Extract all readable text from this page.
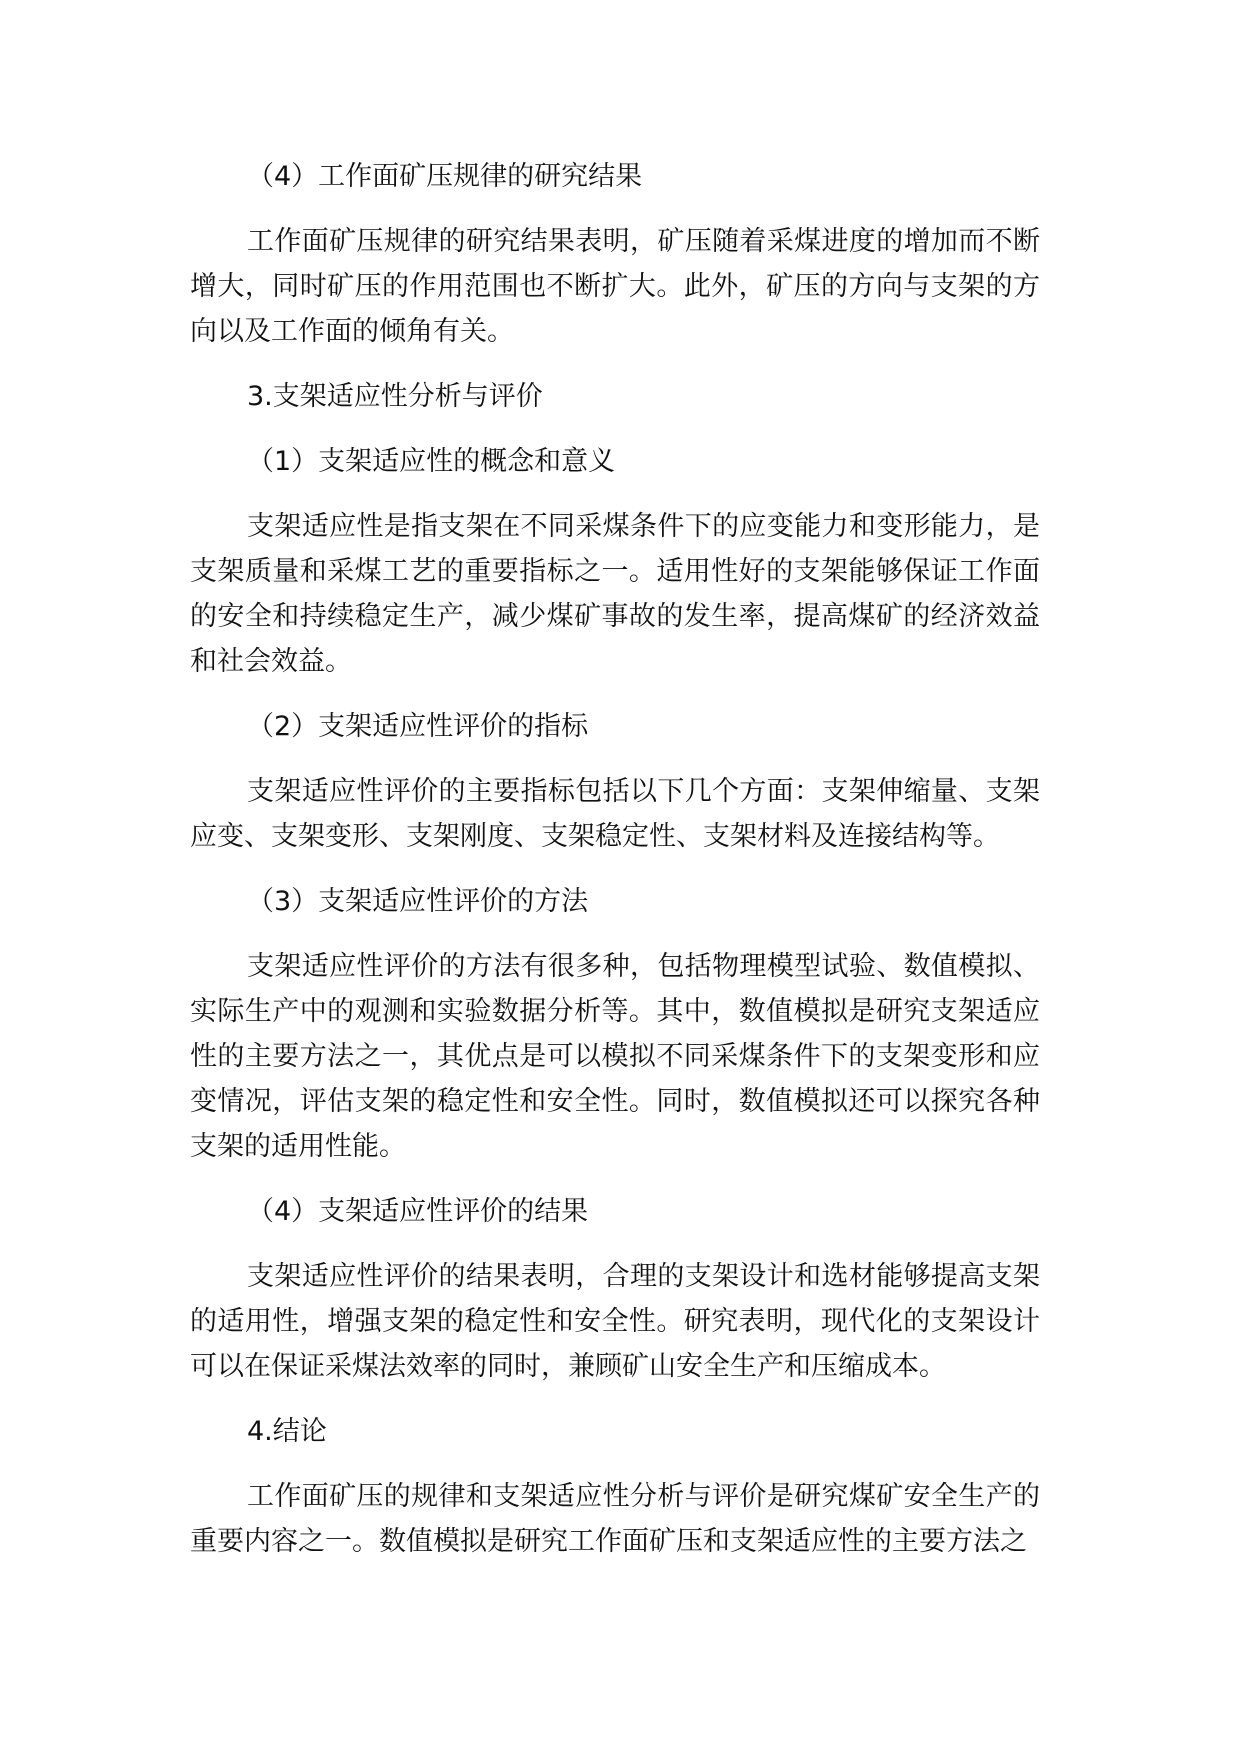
（4）工作面矿压规律的研究结果

工作面矿压规律的研究结果表明，矿压随着采煤进度的增加而不断增大，同时矿压的作用范围也不断扩大。此外，矿压的方向与支架的方向以及工作面的倾角有关。

3.支架适应性分析与评价

（1）支架适应性的概念和意义

支架适应性是指支架在不同采煤条件下的应变能力和变形能力，是支架质量和采煤工艺的重要指标之一。适用性好的支架能够保证工作面的安全和持续稳定生产，减少煤矿事故的发生率，提高煤矿的经济效益和社会效益。

（2）支架适应性评价的指标

支架适应性评价的主要指标包括以下几个方面：支架伸缩量、支架应变、支架变形、支架刚度、支架稳定性、支架材料及连接结构等。

（3）支架适应性评价的方法

支架适应性评价的方法有很多种，包括物理模型试验、数值模拟、实际生产中的观测和实验数据分析等。其中，数值模拟是研究支架适应性的主要方法之一，其优点是可以模拟不同采煤条件下的支架变形和应变情况，评估支架的稳定性和安全性。同时，数值模拟还可以探究各种支架的适用性能。

（4）支架适应性评价的结果

支架适应性评价的结果表明，合理的支架设计和选材能够提高支架的适用性，增强支架的稳定性和安全性。研究表明，现代化的支架设计可以在保证采煤法效率的同时，兼顾矿山安全生产和压缩成本。

4.结论

工作面矿压的规律和支架适应性分析与评价是研究煤矿安全生产的重要内容之一。数值模拟是研究工作面矿压和支架适应性的主要方法之
